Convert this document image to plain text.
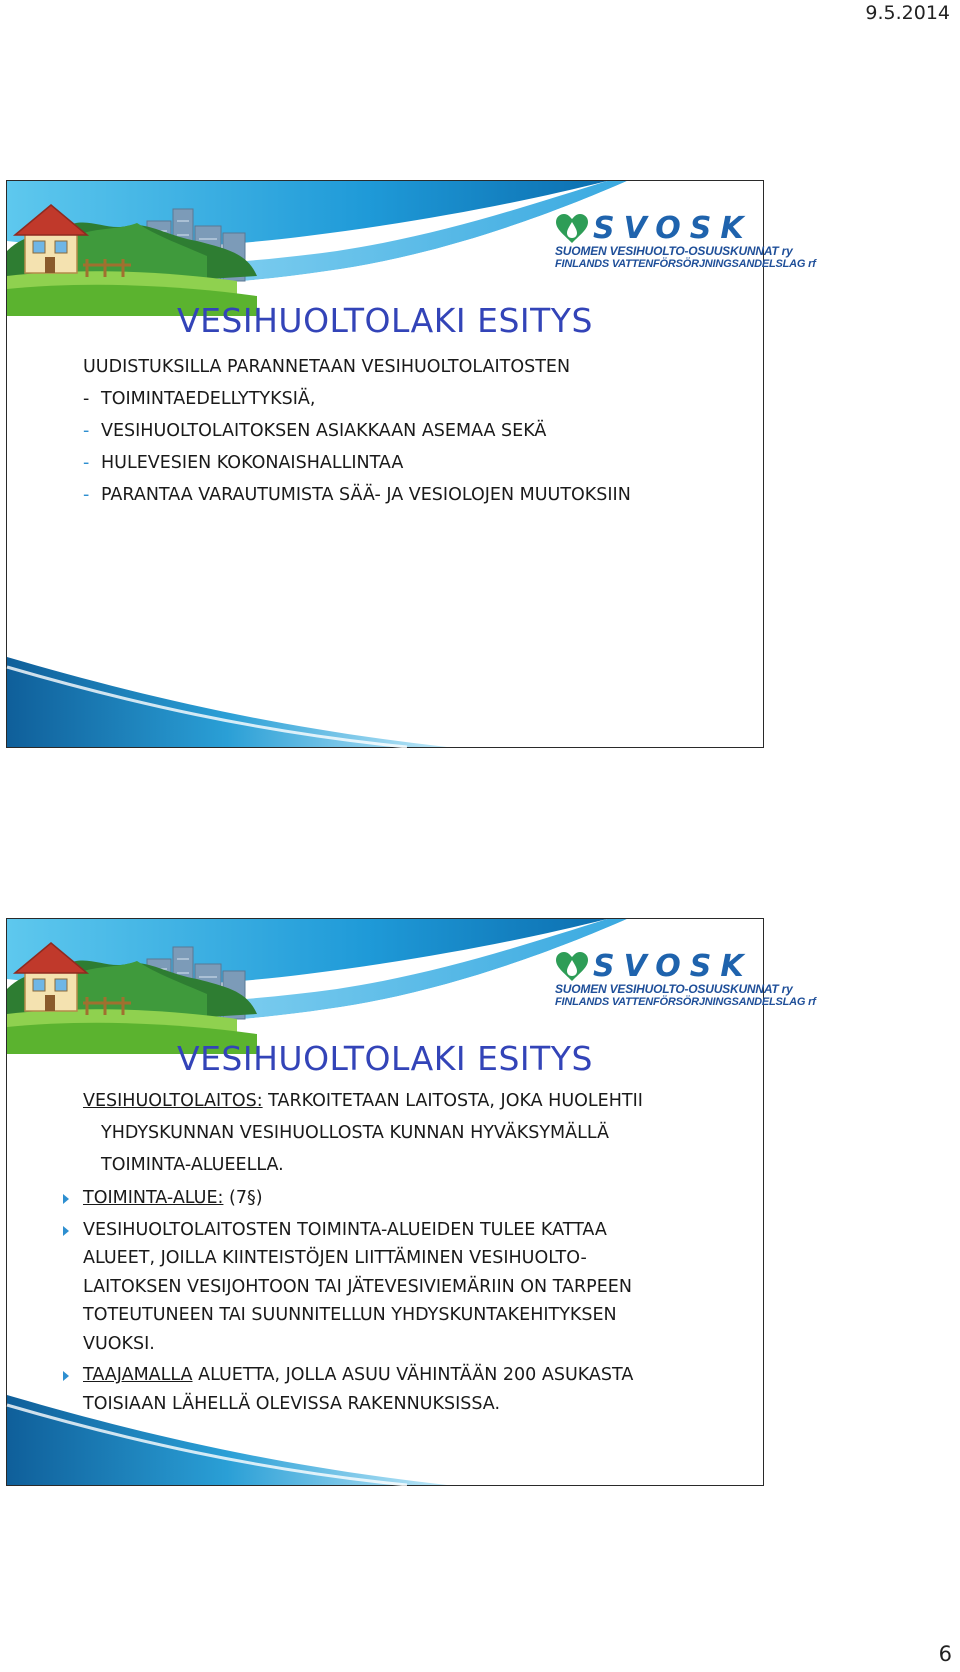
9.5.2014
SVOSK
SUOMEN VESIHUOLTO-OSUUSKUNNAT ry
FINLANDS VATTENFÖRSÖRJNINGSANDELSLAG rf
VESIHUOLTOLAKI ESITYS
UUDISTUKSILLA PARANNETAAN VESIHUOLTOLAITOSTEN
- TOIMINTAEDELLYTYKSIÄ,
- VESIHUOLTOLAITOKSEN ASIAKKAAN ASEMAA SEKÄ
- HULEVESIEN KOKONAISHALLINTAA
- PARANTAA VARAUTUMISTA SÄÄ- JA VESIOLOJEN MUUTOKSIIN
SVOSK
SUOMEN VESIHUOLTO-OSUUSKUNNAT ry
FINLANDS VATTENFÖRSÖRJNINGSANDELSLAG rf
VESIHUOLTOLAKI ESITYS
VESIHUOLTOLAITOS: TARKOITETAAN LAITOSTA, JOKA HUOLEHTII
YHDYSKUNNAN VESIHUOLLOSTA KUNNAN HYVÄKSYMÄLLÄ
TOIMINTA-ALUEELLA.
TOIMINTA-ALUE: (7§)
VESIHUOLTOLAITOSTEN TOIMINTA-ALUEIDEN TULEE KATTAA
ALUEET, JOILLA KIINTEISTÖJEN LIITTÄMINEN VESIHUOLTO-
LAITOKSEN VESIJOHTOON TAI JÄTEVESIVIEMÄRIIN ON TARPEEN
TOTEUTUNEEN TAI SUUNNITELLUN YHDYSKUNTAKEHITYKSEN
VUOKSI.
TAAJAMALLA ALUETTA, JOLLA ASUU VÄHINTÄÄN 200 ASUKASTA
TOISIAAN LÄHELLÄ OLEVISSA RAKENNUKSISSA.
6
